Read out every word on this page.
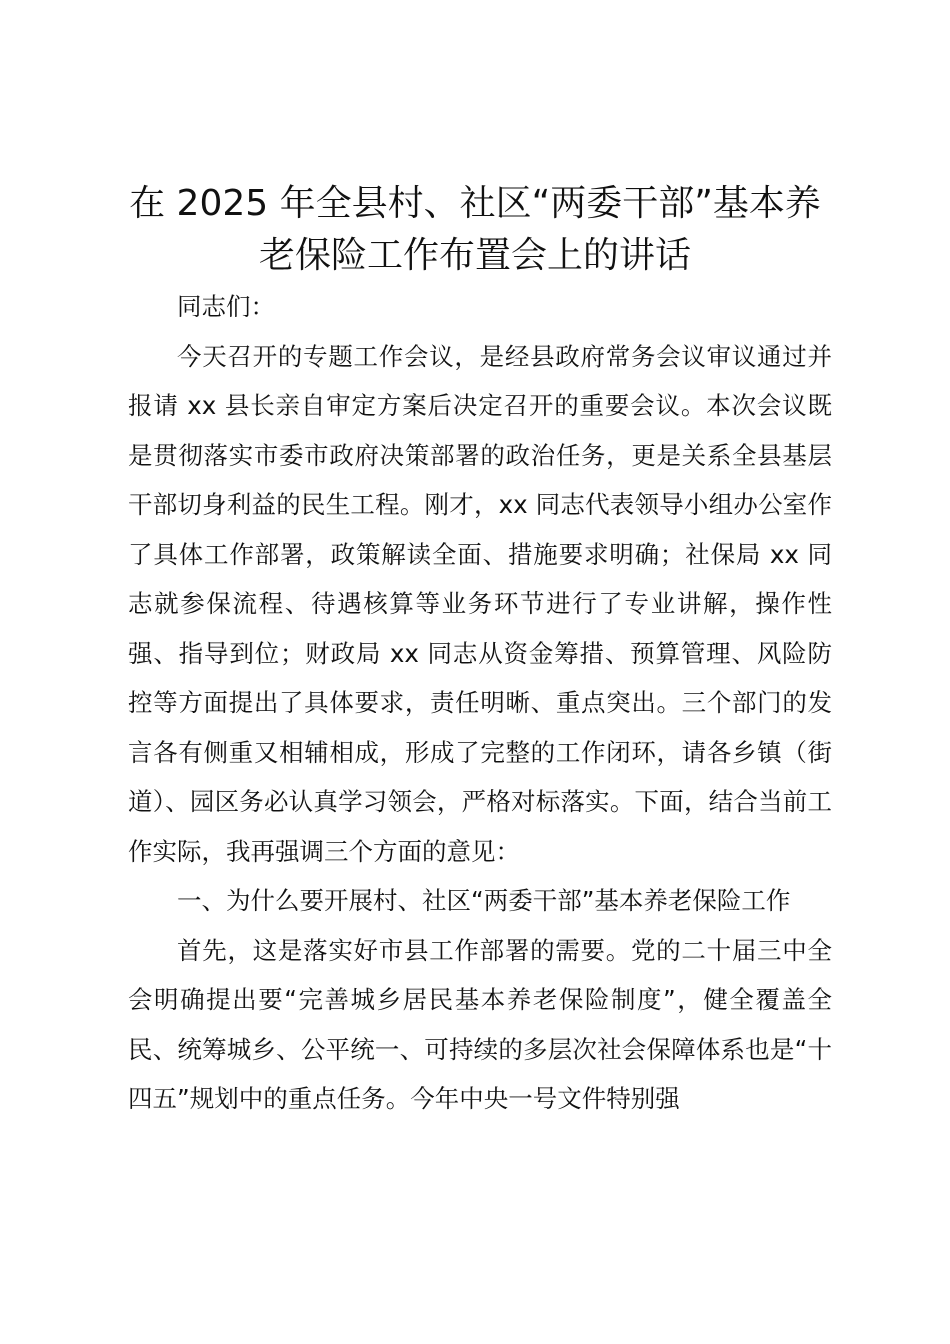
在 2025 年全县村、社区“两委干部”基本养
老保险工作布置会上的讲话

同志们：

今天召开的专题工作会议，是经县政府常务会议审议通过并报请 xx 县长亲自审定方案后决定召开的重要会议。本次会议既是贯彻落实市委市政府决策部署的政治任务，更是关系全县基层干部切身利益的民生工程。刚才，xx 同志代表领导小组办公室作了具体工作部署，政策解读全面、措施要求明确；社保局 xx 同志就参保流程、待遇核算等业务环节进行了专业讲解，操作性强、指导到位；财政局 xx 同志从资金筹措、预算管理、风险防控等方面提出了具体要求，责任明晰、重点突出。三个部门的发言各有侧重又相辅相成，形成了完整的工作闭环，请各乡镇（街道）、园区务必认真学习领会，严格对标落实。下面，结合当前工作实际，我再强调三个方面的意见：

一、为什么要开展村、社区“两委干部”基本养老保险工作

首先，这是落实好市县工作部署的需要。党的二十届三中全会明确提出要“完善城乡居民基本养老保险制度”，健全覆盖全民、统筹城乡、公平统一、可持续的多层次社会保障体系也是“十四五”规划中的重点任务。今年中央一号文件特别强
